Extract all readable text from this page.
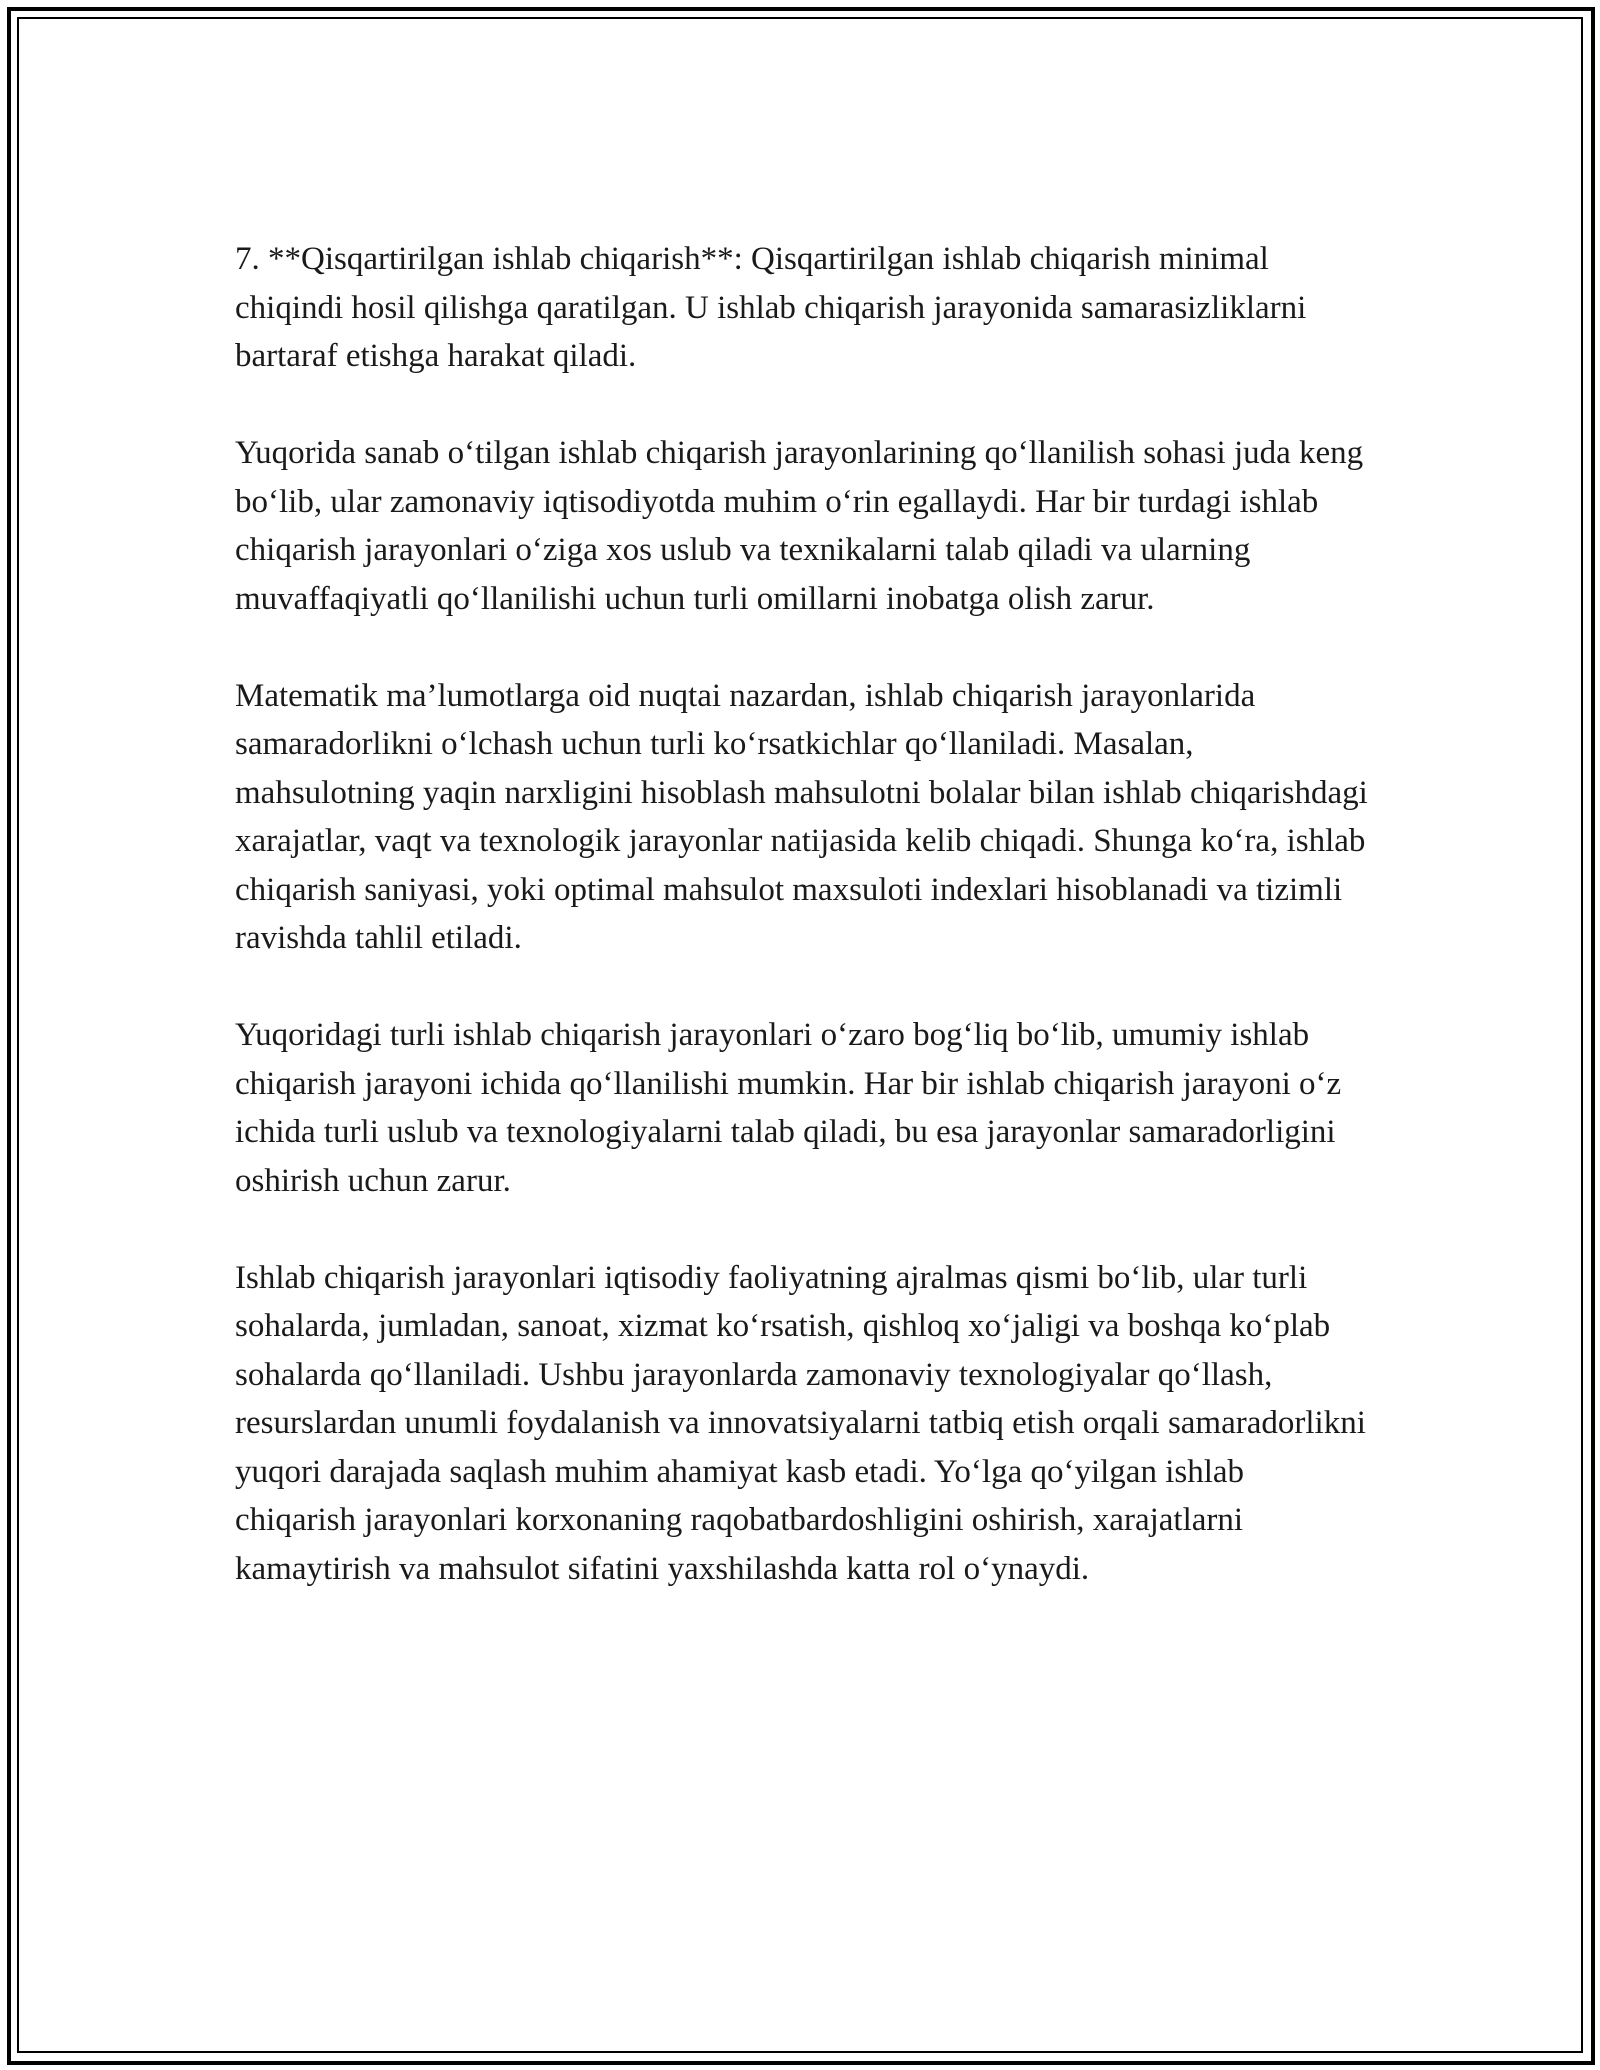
7. **Qisqartirilgan ishlab chiqarish**: Qisqartirilgan ishlab chiqarish minimal chiqindi hosil qilishga qaratilgan. U ishlab chiqarish jarayonida samarasizliklarni bartaraf etishga harakat qiladi.

Yuqorida sanab o‘tilgan ishlab chiqarish jarayonlarining qo‘llanilish sohasi juda keng bo‘lib, ular zamonaviy iqtisodiyotda muhim o‘rin egallaydi. Har bir turdagi ishlab chiqarish jarayonlari o‘ziga xos uslub va texnikalarni talab qiladi va ularning muvaffaqiyatli qo‘llanilishi uchun turli omillarni inobatga olish zarur.

Matematik ma’lumotlarga oid nuqtai nazardan, ishlab chiqarish jarayonlarida samaradorlikni o‘lchash uchun turli ko‘rsatkichlar qo‘llaniladi. Masalan, mahsulotning yaqin narxligini hisoblash mahsulotni bolalar bilan ishlab chiqarishdagi xarajatlar, vaqt va texnologik jarayonlar natijasida kelib chiqadi. Shunga ko‘ra, ishlab chiqarish saniyasi, yoki optimal mahsulot maxsuloti indexlari hisoblanadi va tizimli ravishda tahlil etiladi.

Yuqoridagi turli ishlab chiqarish jarayonlari o‘zaro bog‘liq bo‘lib, umumiy ishlab chiqarish jarayoni ichida qo‘llanilishi mumkin. Har bir ishlab chiqarish jarayoni o‘z ichida turli uslub va texnologiyalarni talab qiladi, bu esa jarayonlar samaradorligini oshirish uchun zarur.

Ishlab chiqarish jarayonlari iqtisodiy faoliyatning ajralmas qismi bo‘lib, ular turli sohalarda, jumladan, sanoat, xizmat ko‘rsatish, qishloq xo‘jaligi va boshqa ko‘plab sohalarda qo‘llaniladi. Ushbu jarayonlarda zamonaviy texnologiyalar qo‘llash, resurslardan unumli foydalanish va innovatsiyalarni tatbiq etish orqali samaradorlikni yuqori darajada saqlash muhim ahamiyat kasb etadi. Yo‘lga qo‘yilgan ishlab chiqarish jarayonlari korxonaning raqobatbardoshligini oshirish, xarajatlarni kamaytirish va mahsulot sifatini yaxshilashda katta rol o‘ynaydi.
